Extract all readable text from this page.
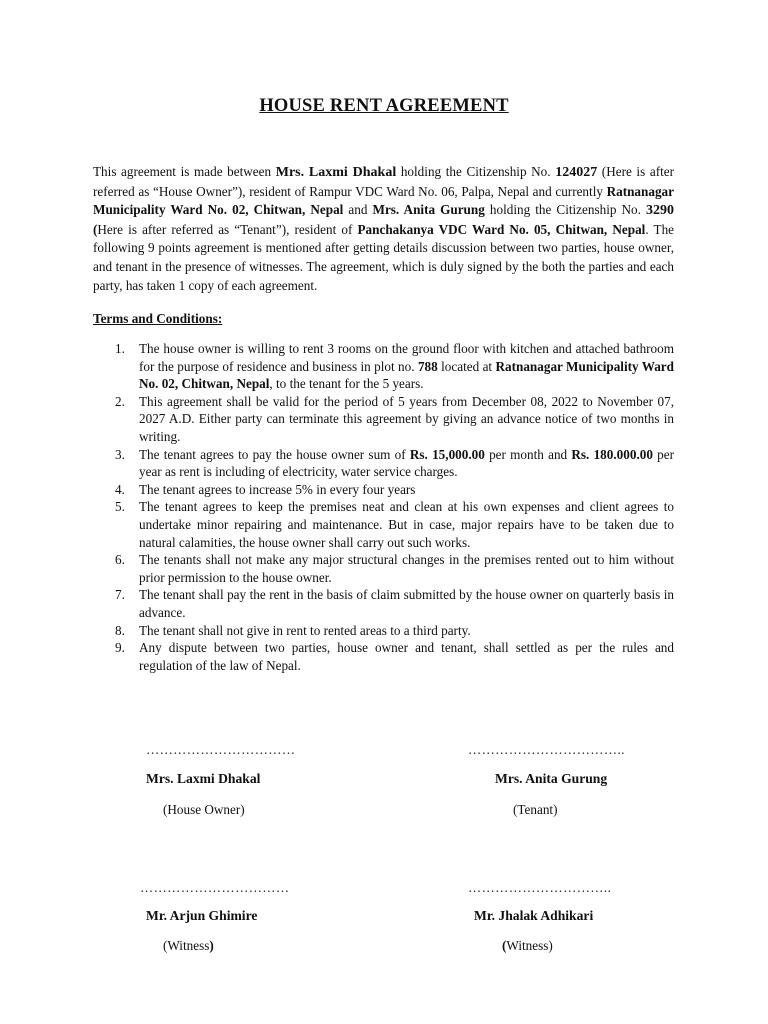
HOUSE RENT AGREEMENT
This agreement is made between Mrs. Laxmi Dhakal holding the Citizenship No. 124027 (Here is after referred as “House Owner”), resident of Rampur VDC Ward No. 06, Palpa, Nepal and currently Ratnanagar Municipality Ward No. 02, Chitwan, Nepal and Mrs. Anita Gurung holding the Citizenship No. 3290 (Here is after referred as “Tenant”), resident of Panchakanya VDC Ward No. 05, Chitwan, Nepal. The following 9 points agreement is mentioned after getting details discussion between two parties, house owner, and tenant in the presence of witnesses. The agreement, which is duly signed by the both the parties and each party, has taken 1 copy of each agreement.
Terms and Conditions:
1. The house owner is willing to rent 3 rooms on the ground floor with kitchen and attached bathroom for the purpose of residence and business in plot no. 788 located at Ratnanagar Municipality Ward No. 02, Chitwan, Nepal, to the tenant for the 5 years.
2. This agreement shall be valid for the period of 5 years from December 08, 2022 to November 07, 2027 A.D. Either party can terminate this agreement by giving an advance notice of two months in writing.
3. The tenant agrees to pay the house owner sum of Rs. 15,000.00 per month and Rs. 180.000.00 per year as rent is including of electricity, water service charges.
4. The tenant agrees to increase 5% in every four years
5. The tenant agrees to keep the premises neat and clean at his own expenses and client agrees to undertake minor repairing and maintenance. But in case, major repairs have to be taken due to natural calamities, the house owner shall carry out such works.
6. The tenants shall not make any major structural changes in the premises rented out to him without prior permission to the house owner.
7. The tenant shall pay the rent in the basis of claim submitted by the house owner on quarterly basis in advance.
8. The tenant shall not give in rent to rented areas to a third party.
9. Any dispute between two parties, house owner and tenant, shall settled as per the rules and regulation of the law of Nepal.
……………………………
Mrs. Laxmi Dhakal
(House Owner)
……………………………..
Mrs. Anita Gurung
(Tenant)
……………………………
Mr. Arjun Ghimire
(Witness)
…………………………..
Mr. Jhalak Adhikari
(Witness)
